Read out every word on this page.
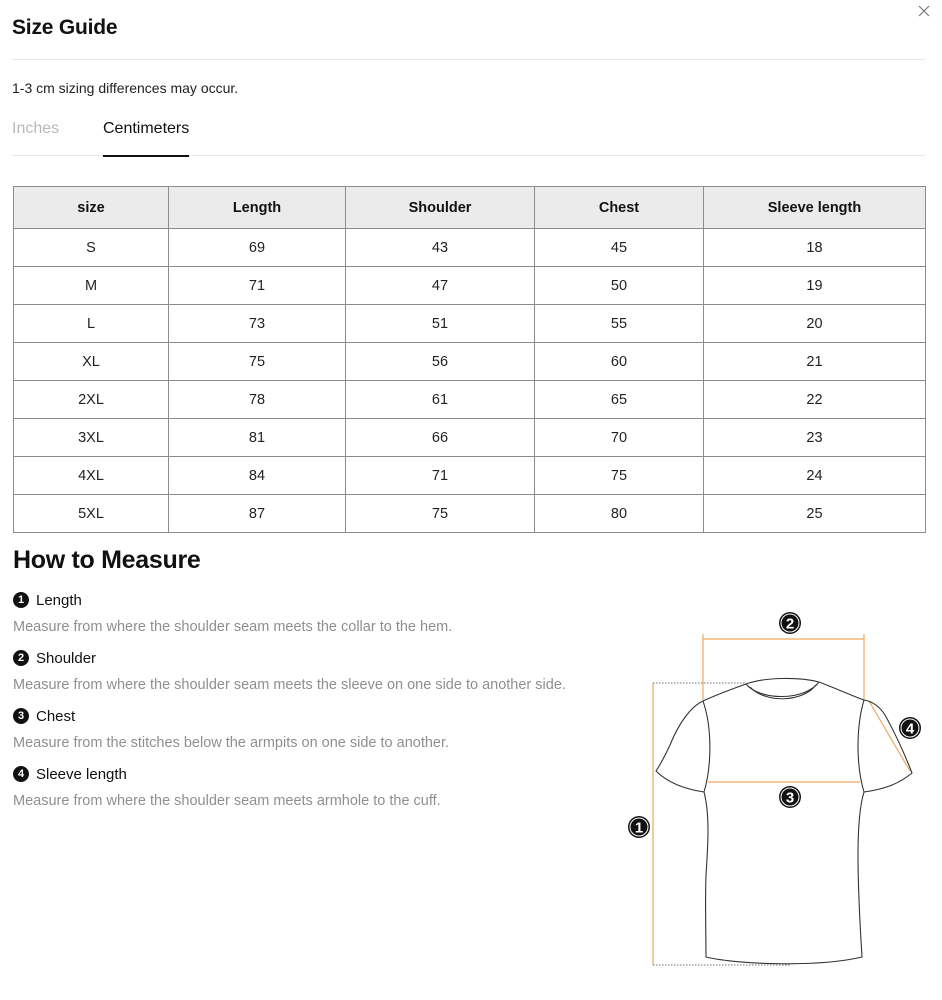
Size Guide
1-3 cm sizing differences may occur.
Inches	Centimeters
size	Length	Shoulder	Chest	Sleeve length
S	69	43	45	18
M	71	47	50	19
L	73	51	55	20
XL	75	56	60	21
2XL	78	61	65	22
3XL	81	66	70	23
4XL	84	71	75	24
5XL	87	75	80	25
How to Measure
1 Length
Measure from where the shoulder seam meets the collar to the hem.
2 Shoulder
Measure from where the shoulder seam meets the sleeve on one side to another side.
3 Chest
Measure from the stitches below the armpits on one side to another.
4 Sleeve length
Measure from where the shoulder seam meets armhole to the cuff.
2
1
3
4
